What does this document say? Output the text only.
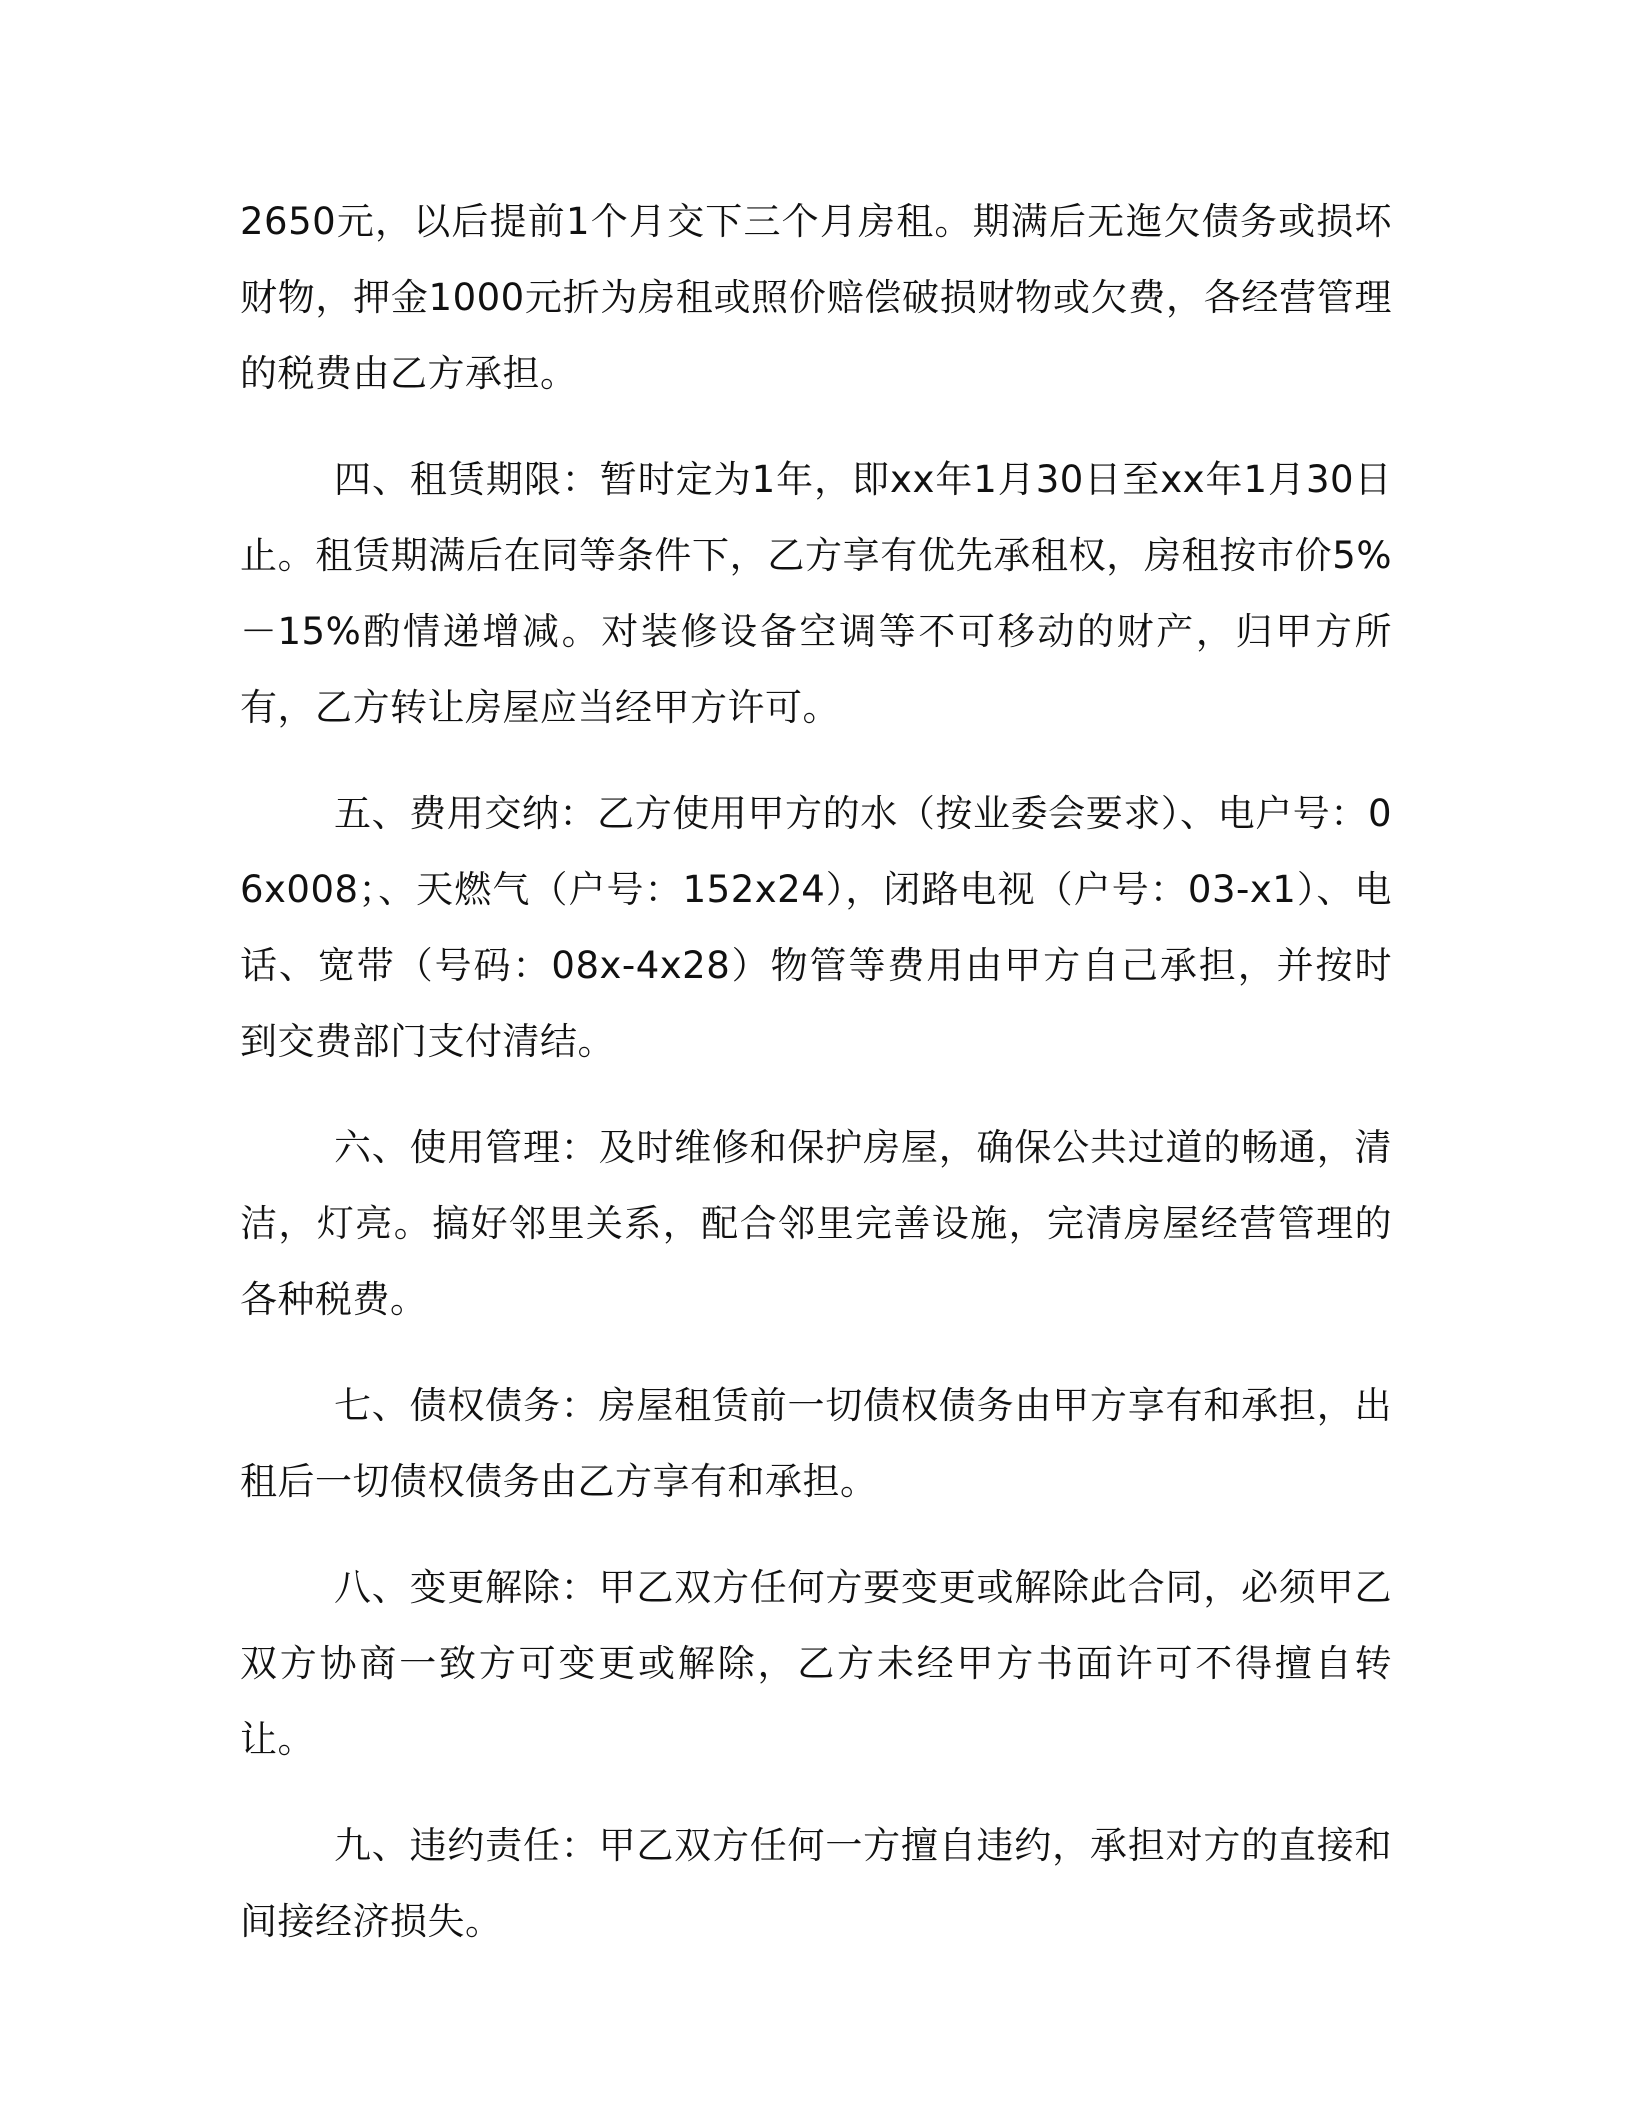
2650元，以后提前1个月交下三个月房租。期满后无迤欠债务或损坏财物，押金1000元折为房租或照价赔偿破损财物或欠费，各经营管理的税费由乙方承担。

四、租赁期限：暂时定为1年，即xx年1月30日至xx年1月30日止。租赁期满后在同等条件下，乙方享有优先承租权，房租按市价5%－15%酌情递增减。对装修设备空调等不可移动的财产，归甲方所有，乙方转让房屋应当经甲方许可。

五、费用交纳：乙方使用甲方的水（按业委会要求）、电户号：06x008；、天燃气（户号：152x24），闭路电视（户号：03-x1）、电话、宽带（号码：08x-4x28）物管等费用由甲方自己承担，并按时到交费部门支付清结。

六、使用管理：及时维修和保护房屋，确保公共过道的畅通，清洁，灯亮。搞好邻里关系，配合邻里完善设施，完清房屋经营管理的各种税费。

七、债权债务：房屋租赁前一切债权债务由甲方享有和承担，出租后一切债权债务由乙方享有和承担。

八、变更解除：甲乙双方任何方要变更或解除此合同，必须甲乙双方协商一致方可变更或解除，乙方未经甲方书面许可不得擅自转让。

九、违约责任：甲乙双方任何一方擅自违约，承担对方的直接和间接经济损失。
